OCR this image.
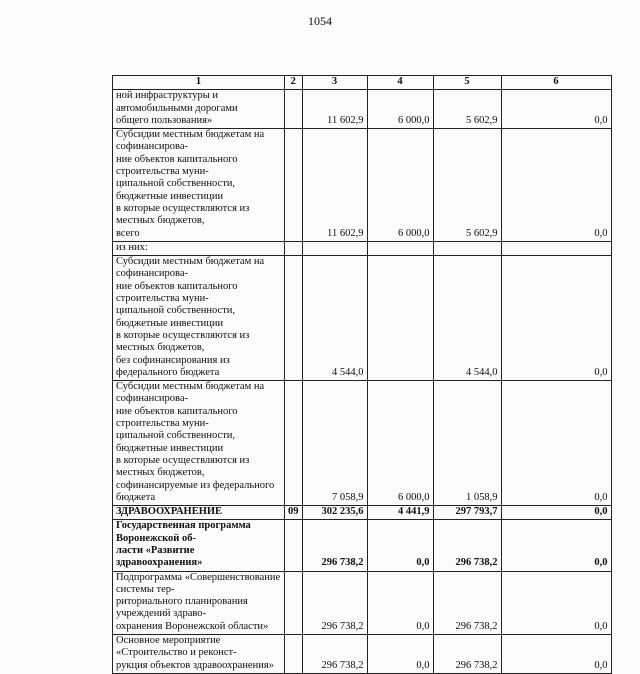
1054
1	2	3	4	5	6

ной инфраструктуры и автомобильными дорогами
общего пользования»		11 602,9	6 000,0	5 602,9	0,0

Субсидии местным бюджетам на софинансирова-
ние объектов капитального строительства муни-
ципальной собственности, бюджетные инвестиции
в которые осуществляются из местных бюджетов,
всего		11 602,9	6 000,0	5 602,9	0,0

из них:					

Субсидии местным бюджетам на софинансирова-
ние объектов капитального строительства муни-
ципальной собственности, бюджетные инвестиции
в которые осуществляются из местных бюджетов,
без софинансирования из федерального бюджета		4 544,0		4 544,0	0,0

Субсидии местным бюджетам на софинансирова-
ние объектов капитального строительства муни-
ципальной собственности, бюджетные инвестиции
в которые осуществляются из местных бюджетов,
софинансируемые из федерального бюджета		7 058,9	6 000,0	1 058,9	0,0

ЗДРАВООХРАНЕНИЕ	09	302 235,6	4 441,9	297 793,7	0,0

Государственная программа Воронежской об-
ласти «Развитие здравоохранения»		296 738,2	0,0	296 738,2	0,0

Подпрограмма «Совершенствование системы тер-
риториального планирования учреждений здраво-
охранения Воронежской области»		296 738,2	0,0	296 738,2	0,0

Основное мероприятие «Строительство и реконст-
рукция объектов здравоохранения»		296 738,2	0,0	296 738,2	0,0
